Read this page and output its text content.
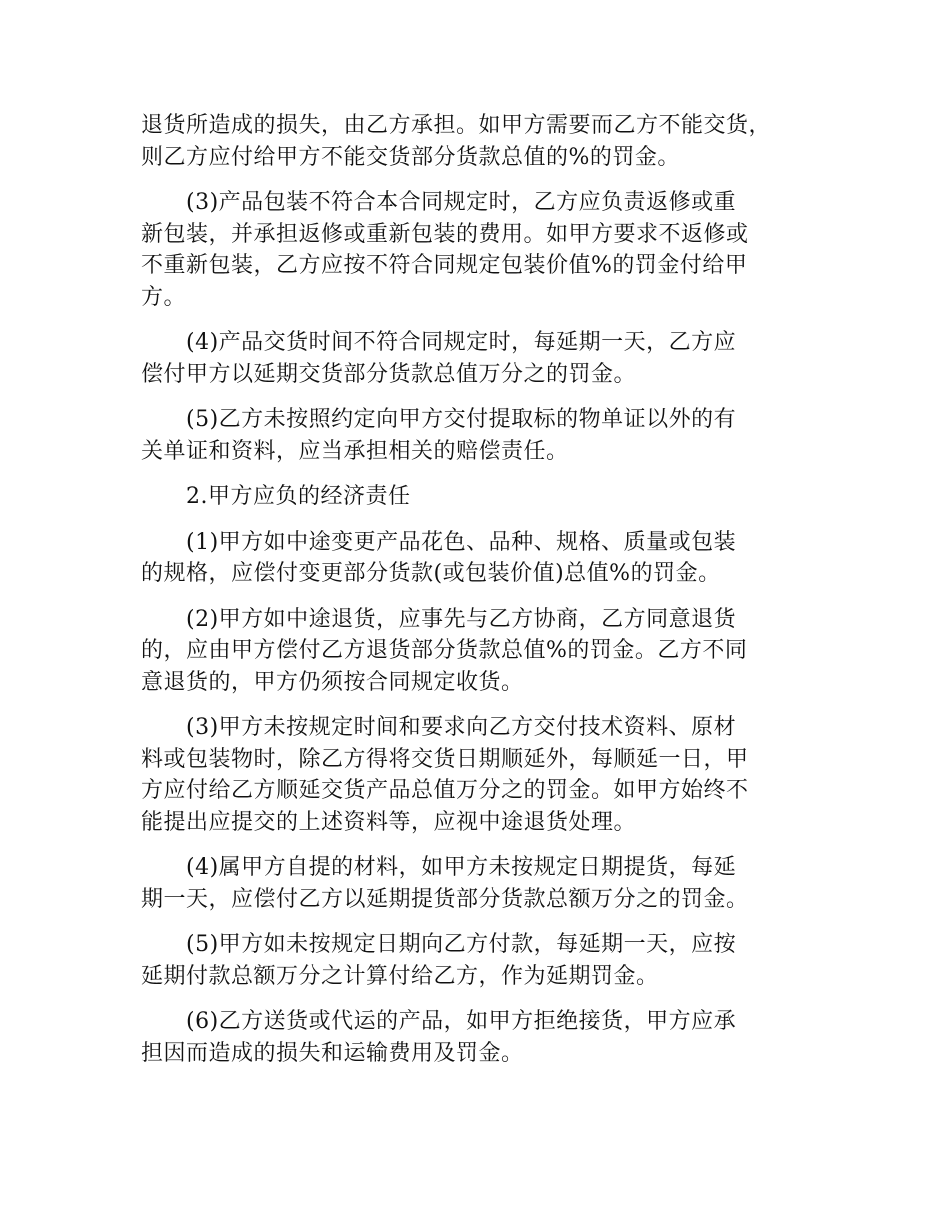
退货所造成的损失，由乙方承担。如甲方需要而乙方不能交货，
则乙方应付给甲方不能交货部分货款总值的%的罚金。
(3)产品包装不符合本合同规定时，乙方应负责返修或重
新包装，并承担返修或重新包装的费用。如甲方要求不返修或
不重新包装，乙方应按不符合同规定包装价值%的罚金付给甲
方。
(4)产品交货时间不符合同规定时，每延期一天，乙方应
偿付甲方以延期交货部分货款总值万分之的罚金。
(5)乙方未按照约定向甲方交付提取标的物单证以外的有
关单证和资料，应当承担相关的赔偿责任。
2.甲方应负的经济责任
(1)甲方如中途变更产品花色、品种、规格、质量或包装
的规格，应偿付变更部分货款(或包装价值)总值%的罚金。
(2)甲方如中途退货，应事先与乙方协商，乙方同意退货
的，应由甲方偿付乙方退货部分货款总值%的罚金。乙方不同
意退货的，甲方仍须按合同规定收货。
(3)甲方未按规定时间和要求向乙方交付技术资料、原材
料或包装物时，除乙方得将交货日期顺延外，每顺延一日，甲
方应付给乙方顺延交货产品总值万分之的罚金。如甲方始终不
能提出应提交的上述资料等，应视中途退货处理。
(4)属甲方自提的材料，如甲方未按规定日期提货，每延
期一天，应偿付乙方以延期提货部分货款总额万分之的罚金。
(5)甲方如未按规定日期向乙方付款，每延期一天，应按
延期付款总额万分之计算付给乙方，作为延期罚金。
(6)乙方送货或代运的产品，如甲方拒绝接货，甲方应承
担因而造成的损失和运输费用及罚金。
